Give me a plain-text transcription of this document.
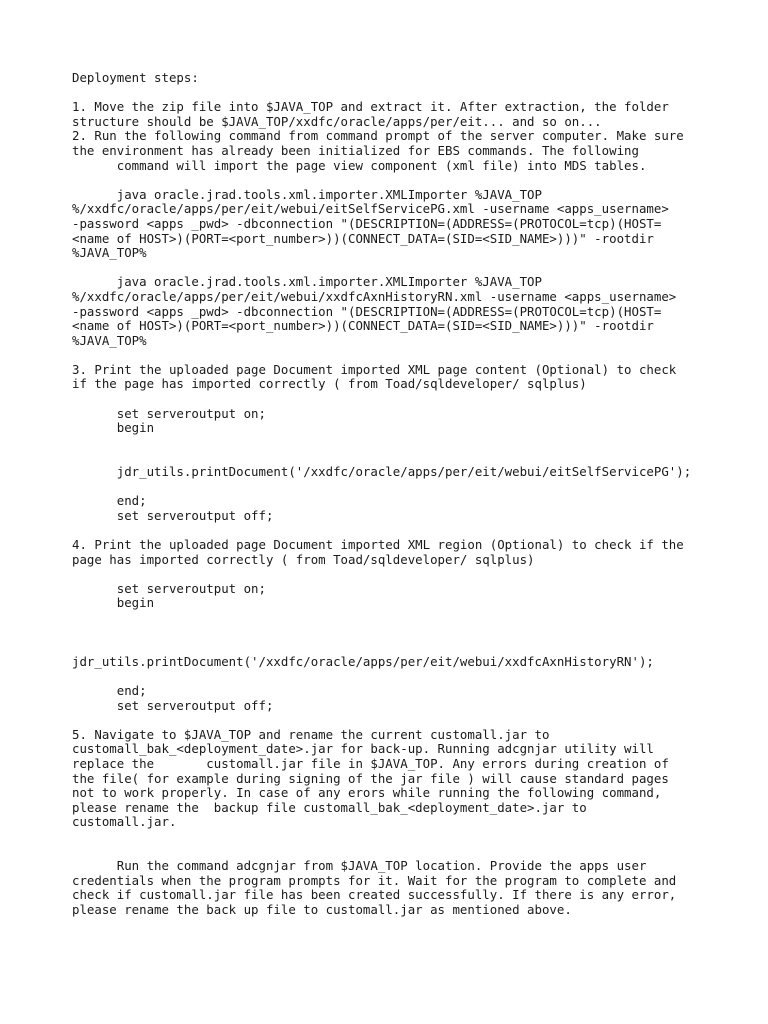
Deployment steps:
1. Move the zip file into $JAVA_TOP and extract it. After extraction, the folder
structure should be $JAVA_TOP/xxdfc/oracle/apps/per/eit... and so on...
2. Run the following command from command prompt of the server computer. Make sure
the environment has already been initialized for EBS commands. The following
command will import the page view component (xml file) into MDS tables.
java oracle.jrad.tools.xml.importer.XMLImporter %JAVA_TOP
%/xxdfc/oracle/apps/per/eit/webui/eitSelfServicePG.xml -username <apps_username>
-password <apps _pwd> -dbconnection "(DESCRIPTION=(ADDRESS=(PROTOCOL=tcp)(HOST=
<name of HOST>)(PORT=<port_number>))(CONNECT_DATA=(SID=<SID_NAME>)))" -rootdir
%JAVA_TOP%
java oracle.jrad.tools.xml.importer.XMLImporter %JAVA_TOP
%/xxdfc/oracle/apps/per/eit/webui/xxdfcAxnHistoryRN.xml -username <apps_username>
-password <apps _pwd> -dbconnection "(DESCRIPTION=(ADDRESS=(PROTOCOL=tcp)(HOST=
<name of HOST>)(PORT=<port_number>))(CONNECT_DATA=(SID=<SID_NAME>)))" -rootdir
%JAVA_TOP%
3. Print the uploaded page Document imported XML page content (Optional) to check
if the page has imported correctly ( from Toad/sqldeveloper/ sqlplus)
set serveroutput on;
begin
jdr_utils.printDocument('/xxdfc/oracle/apps/per/eit/webui/eitSelfServicePG');
end;
set serveroutput off;
4. Print the uploaded page Document imported XML region (Optional) to check if the
page has imported correctly ( from Toad/sqldeveloper/ sqlplus)
set serveroutput on;
begin
jdr_utils.printDocument('/xxdfc/oracle/apps/per/eit/webui/xxdfcAxnHistoryRN');
end;
set serveroutput off;
5. Navigate to $JAVA_TOP and rename the current customall.jar to
customall_bak_<deployment_date>.jar for back-up. Running adcgnjar utility will
replace the       customall.jar file in $JAVA_TOP. Any errors during creation of
the file( for example during signing of the jar file ) will cause standard pages
not to work properly. In case of any erors while running the following command,
please rename the  backup file customall_bak_<deployment_date>.jar to
customall.jar.
Run the command adcgnjar from $JAVA_TOP location. Provide the apps user
credentials when the program prompts for it. Wait for the program to complete and
check if customall.jar file has been created successfully. If there is any error,
please rename the back up file to customall.jar as mentioned above.
